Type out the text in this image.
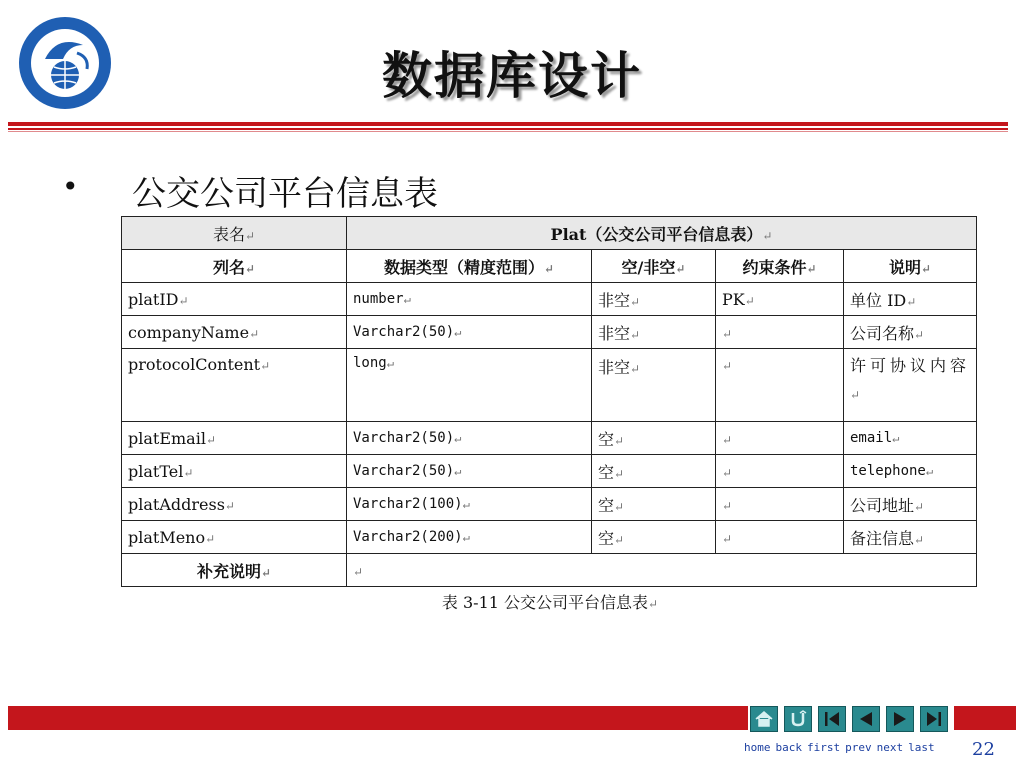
数据库设计
• 公交公司平台信息表
表名↵	Plat（公交公司平台信息表）↵			
列名↵	数据类型（精度范围）↵	空/非空↵	约束条件↵	说明↵
platID↵	number↵	非空↵	PK↵	单位 ID↵
companyName↵	Varchar2(50)↵	非空↵	↵	公司名称↵
protocolContent↵	long↵	非空↵	↵	许可协议内容↵
platEmail↵	Varchar2(50)↵	空↵	↵	email↵
platTel↵	Varchar2(50)↵	空↵	↵	telephone↵
platAddress↵	Varchar2(100)↵	空↵	↵	公司地址↵
platMeno↵	Varchar2(200)↵	空↵	↵	备注信息↵
补充说明↵	↵			
表 3-11 公交公司平台信息表↵
home back first prev next last 22
